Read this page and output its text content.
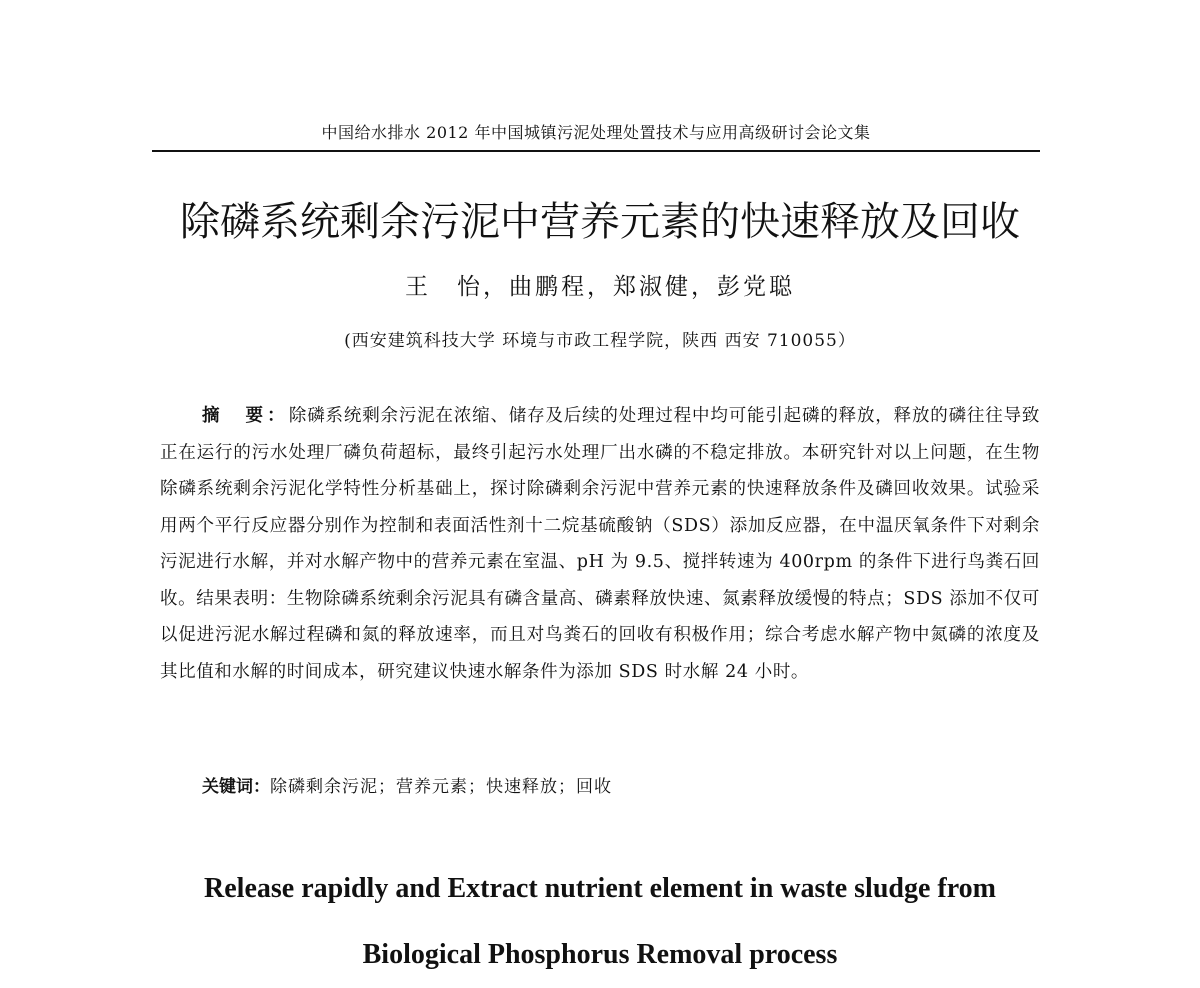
中国给水排水 2012 年中国城镇污泥处理处置技术与应用高级研讨会论文集
除磷系统剩余污泥中营养元素的快速释放及回收
王　怡，曲鹏程，郑淑健，彭党聪
(西安建筑科技大学 环境与市政工程学院，陕西 西安 710055）
摘　要：除磷系统剩余污泥在浓缩、储存及后续的处理过程中均可能引起磷的释放，释放的磷往往导致正在运行的污水处理厂磷负荷超标，最终引起污水处理厂出水磷的不稳定排放。本研究针对以上问题，在生物除磷系统剩余污泥化学特性分析基础上，探讨除磷剩余污泥中营养元素的快速释放条件及磷回收效果。试验采用两个平行反应器分别作为控制和表面活性剂十二烷基硫酸钠（SDS）添加反应器，在中温厌氧条件下对剩余污泥进行水解，并对水解产物中的营养元素在室温、pH 为 9.5、搅拌转速为 400rpm 的条件下进行鸟粪石回收。结果表明：生物除磷系统剩余污泥具有磷含量高、磷素释放快速、氮素释放缓慢的特点；SDS 添加不仅可以促进污泥水解过程磷和氮的释放速率，而且对鸟粪石的回收有积极作用；综合考虑水解产物中氮磷的浓度及其比值和水解的时间成本，研究建议快速水解条件为添加 SDS 时水解 24 小时。
关键词：除磷剩余污泥；营养元素；快速释放；回收
Release rapidly and Extract nutrient element in waste sludge from
Biological Phosphorus Removal process
